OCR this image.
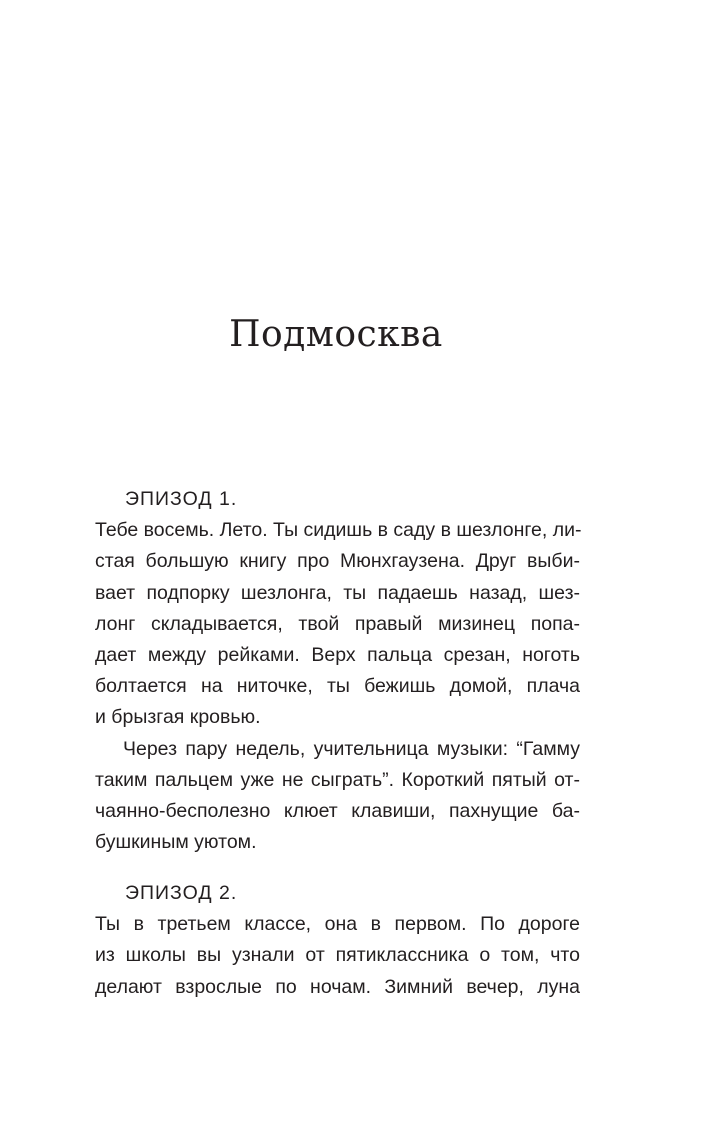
Подмосква
ЭПИЗОД 1.
Тебе восемь. Лето. Ты сидишь в саду в шезлонге, ли-
стая большую книгу про Мюнхгаузена. Друг выби-
вает подпорку шезлонга, ты падаешь назад, шез-
лонг складывается, твой правый мизинец попа-
дает между рейками. Верх пальца срезан, ноготь
болтается на ниточке, ты бежишь домой, плача
и брызгая кровью.
Через пару недель, учительница музыки: “Гамму
таким пальцем уже не сыграть”. Короткий пятый от-
чаянно-бесполезно клюет клавиши, пахнущие ба-
бушкиным уютом.
ЭПИЗОД 2.
Ты в третьем классе, она в первом. По дороге
из школы вы узнали от пятиклассника о том, что
делают взрослые по ночам. Зимний вечер, луна
